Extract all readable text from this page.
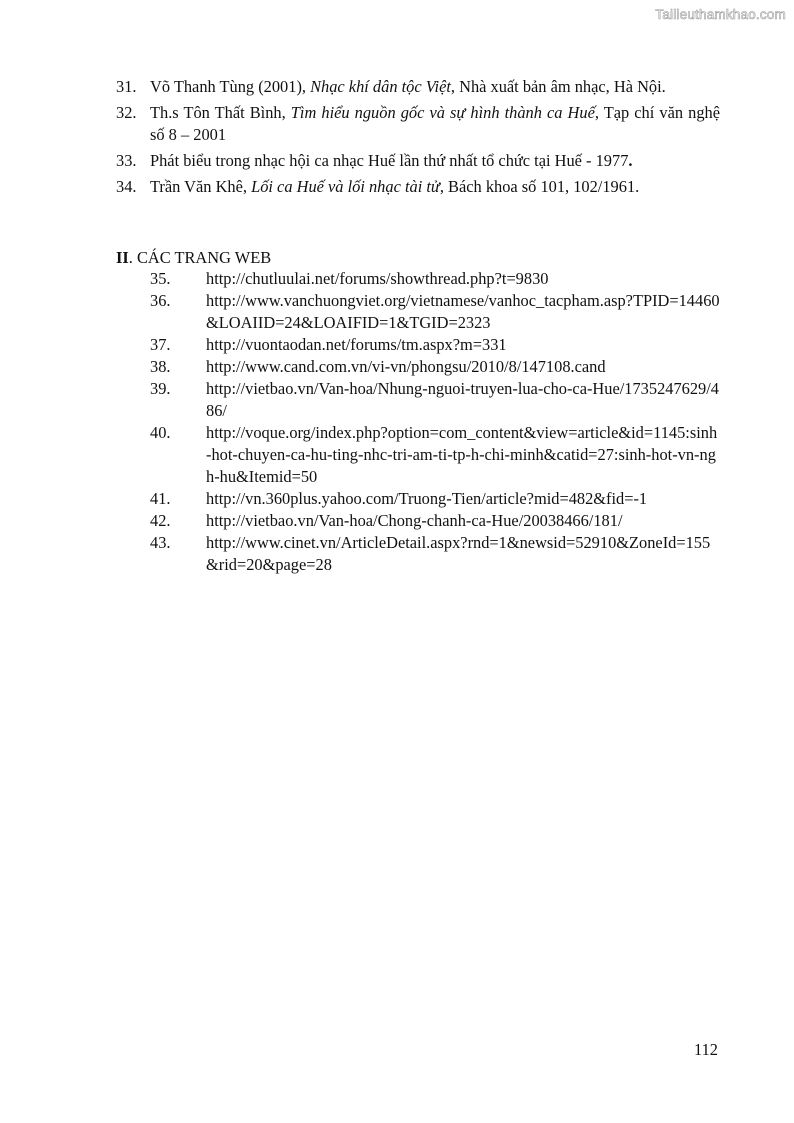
Tailieuthamkhao.com
31. Võ Thanh Tùng (2001), Nhạc khí dân tộc Việt, Nhà xuất bản âm nhạc, Hà Nội.
32. Th.s Tôn Thất Bình, Tìm hiểu nguồn gốc và sự hình thành ca Huế, Tạp chí văn nghệ số 8 – 2001
33. Phát biểu trong nhạc hội ca nhạc Huế lần thứ nhất tổ chức tại Huế - 1977.
34. Trần Văn Khê, Lối ca Huế và lối nhạc tài tử, Bách khoa số 101, 102/1961.
II. CÁC TRANG WEB
35.	http://chutluulai.net/forums/showthread.php?t=9830
36.	http://www.vanchuongviet.org/vietnamese/vanhoc_tacpham.asp?TPID=14460&LOAIID=24&LOAIFID=1&TGID=2323
37.	http://vuontaodan.net/forums/tm.aspx?m=331
38.	http://www.cand.com.vn/vi-vn/phongsu/2010/8/147108.cand
39.	http://vietbao.vn/Van-hoa/Nhung-nguoi-truyen-lua-cho-ca-Hue/1735247629/486/
40.	http://voque.org/index.php?option=com_content&view=article&id=1145:sinh-hot-chuyen-ca-hu-ting-nhc-tri-am-ti-tp-h-chi-minh&catid=27:sinh-hot-vn-ngh-hu&Itemid=50
41.	http://vn.360plus.yahoo.com/Truong-Tien/article?mid=482&fid=-1
42.	http://vietbao.vn/Van-hoa/Chong-chanh-ca-Hue/20038466/181/
43.	http://www.cinet.vn/ArticleDetail.aspx?rnd=1&newsid=52910&ZoneId=155&rid=20&page=28
112
